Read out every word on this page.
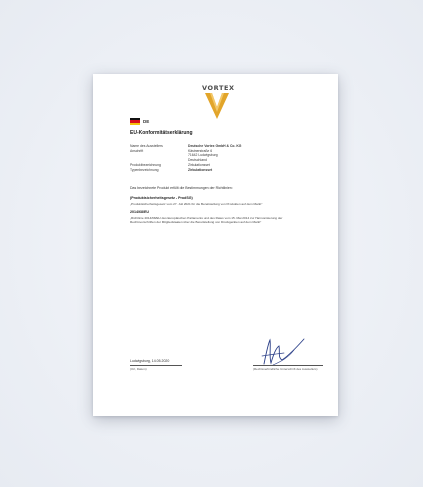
VORTEX
DE
EU-Konformitätserklärung
Name des Ausstellers	Deutsche Vortex GmbH & Co. KG
Anschrift	Kästnerstraße 6
71642 Ludwigsburg
Deutschland
Produktbezeichnung	Zirkulationsset
Typenbezeichnung	Zirkulationsset
Das bezeichnete Produkt erfüllt die Bestimmungen der Richtlinien:
(Produktsicherheitsgesetz - ProdSG)
„Produktsicherheitsgesetz vom 27. Juli 2021 für die Bereitstellung von Produkten auf dem Markt"
2014/68/EU
„Richtlinie 2014/68/EU des Europäischen Parlaments und des Rates vom 15. Mai 2014 zur Harmonisierung der Rechtsvorschriften der Mitgliedstaaten über die Bereitstellung von Druckgeräten auf dem Markt"
Ludwigsburg, 14.05.2020
(Ort, Datum)	(Rechtsverbindliche Unterschrift des Ausstellers)
